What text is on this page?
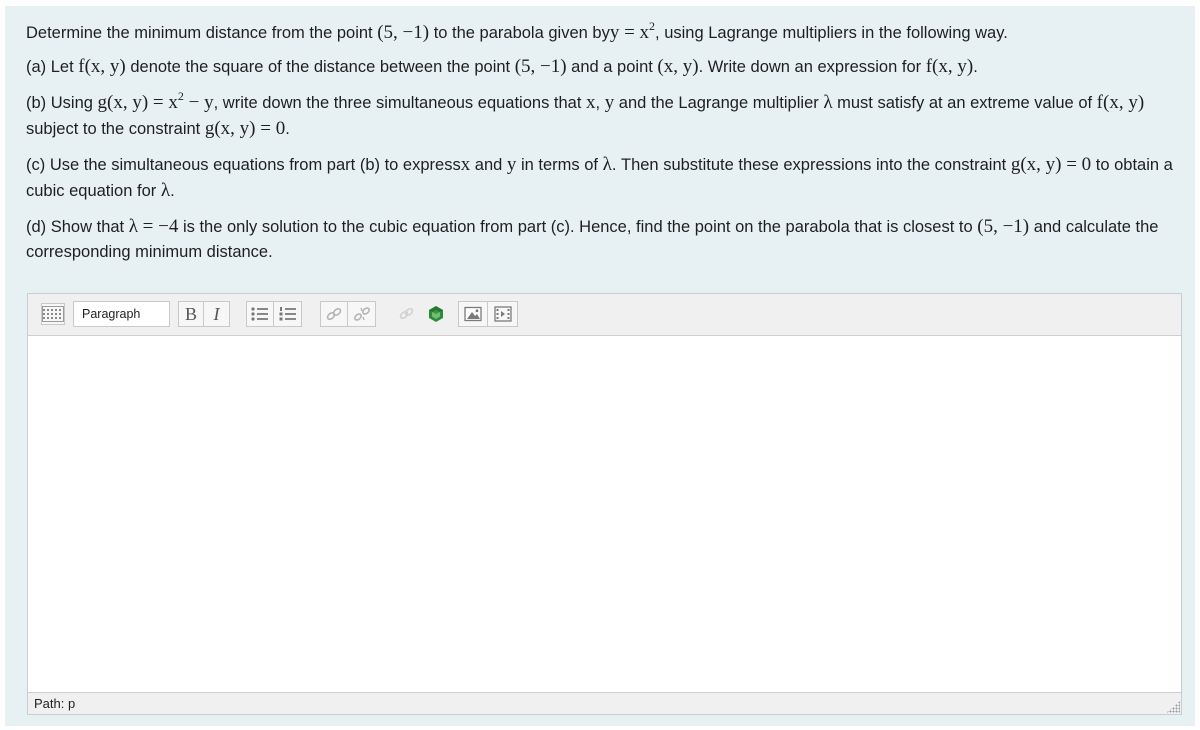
Determine the minimum distance from the point (5, −1) to the parabola given byy = $x^2$, using Lagrange multipliers in the following way.

(a) Let f(x, y) denote the square of the distance between the point (5, −1) and a point (x, y). Write down an expression for f(x, y).

(b) Using g(x, $y) = x^2 - y$, write down the three simultaneous equations that x, y and the Lagrange multiplier λ must satisfy at an extreme value of f(x, y) subject to the constraint g(x, y) = 0.

(c) Use the simultaneous equations from part (b) to expressx and y in terms of λ. Then substitute these expressions into the constraint g(x, y) = 0 to obtain a cubic equation for λ.

(d) Show that λ = −4 is the only solution to the cubic equation from part (c). Hence, find the point on the parabola that is closest to (5, −1) and calculate the corresponding minimum distance.

Paragraph B I
Path: p
